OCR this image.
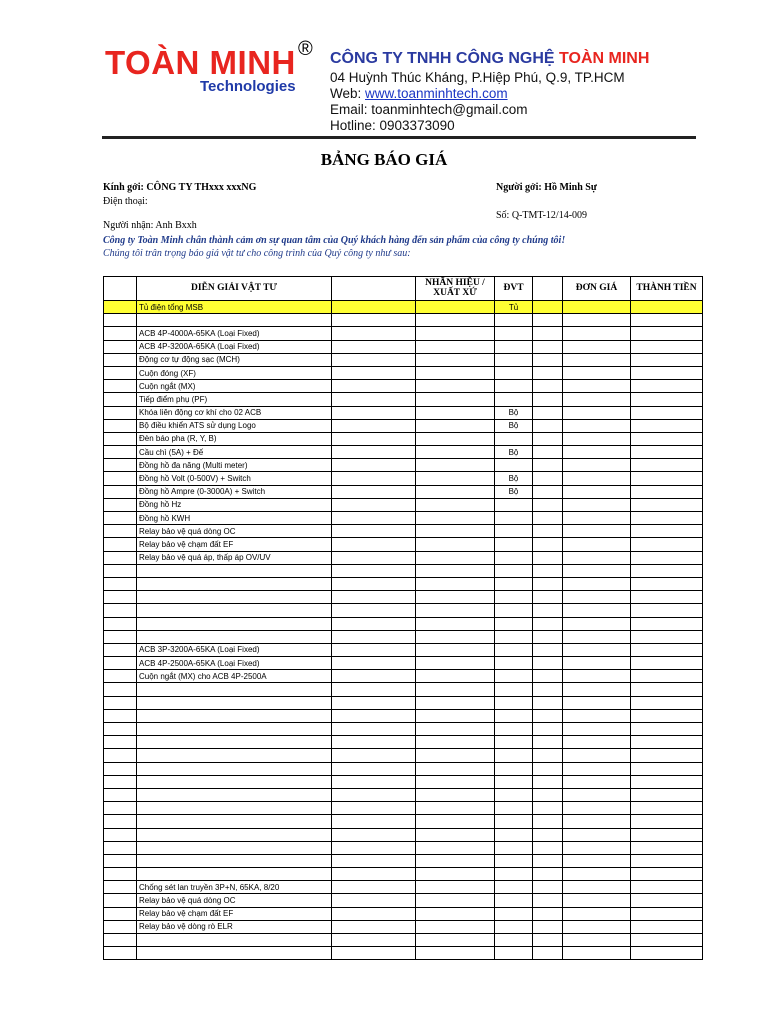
TOÀN MINH ®
Technologies
CÔNG TY TNHH CÔNG NGHỆ TOÀN MINH
04 Huỳnh Thúc Kháng, P.Hiệp Phú, Q.9, TP.HCM
Web: www.toanminhtech.com
Email: toanminhtech@gmail.com
Hotline: 0903373090
BẢNG BÁO GIÁ
Kính gởi: CÔNG TY THxxx xxxNG
Điện thoại:
Người nhận: Anh Bxxh
Người gởi: Hồ Minh Sự
Số: Q-TMT-12/14-009
Công ty Toàn Minh chân thành cảm ơn sự quan tâm của Quý khách hàng đến sản phẩm của công ty chúng tôi!
Chúng tôi trân trọng báo giá vật tư cho công trình của Quý công ty như sau:
	DIỄN GIẢI VẬT TƯ		NHÃN HIỆU /
XUẤT XỨ	ĐVT		ĐƠN GIÁ	THÀNH TIỀN
	Tủ điện tổng MSB			Tủ			

	ACB 4P-4000A-65KA (Loại Fixed)						
	ACB 4P-3200A-65KA (Loại Fixed)						
	Động cơ tự động sạc (MCH)						
	Cuộn đóng (XF)						
	Cuộn ngắt (MX)						
	Tiếp điểm phụ (PF)						
	Khóa liên động cơ khí cho 02 ACB			Bộ			
	Bộ điều khiển ATS sử dụng Logo			Bộ			
	Đèn báo pha (R, Y, B)						
	Cầu chì (5A) + Đế			Bộ			
	Đồng hồ đa năng (Multi meter)						
	Đồng hồ Volt (0-500V) + Switch			Bộ			
	Đồng hồ Ampre (0-3000A) + Switch			Bộ			
	Đồng hồ Hz						
	Đồng hồ KWH						
	Relay bảo vệ quá dòng OC						
	Relay bảo vệ chạm đất EF						
	Relay bảo vệ quá áp, thấp áp OV/UV						

	ACB 3P-3200A-65KA (Loại Fixed)						
	ACB 4P-2500A-65KA (Loại Fixed)						
	Cuộn ngắt (MX) cho ACB 4P-2500A						

	Chống sét lan truyền 3P+N, 65KA, 8/20						
	Relay bảo vệ quá dòng OC						
	Relay bảo vệ chạm đất EF						
	Relay bảo vệ dòng rò ELR						
